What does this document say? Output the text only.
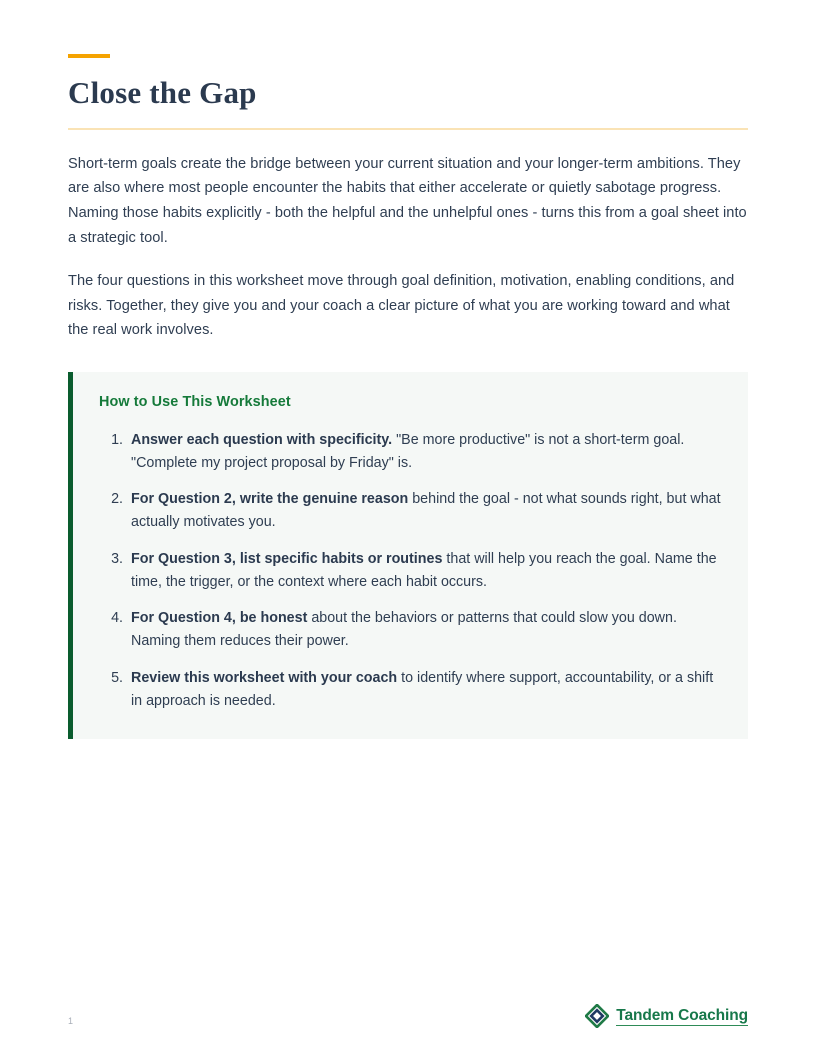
Close the Gap

Short-term goals create the bridge between your current situation and your longer-term ambitions. They are also where most people encounter the habits that either accelerate or quietly sabotage progress. Naming those habits explicitly - both the helpful and the unhelpful ones - turns this from a goal sheet into a strategic tool.

The four questions in this worksheet move through goal definition, motivation, enabling conditions, and risks. Together, they give you and your coach a clear picture of what you are working toward and what the real work involves.

How to Use This Worksheet
1. Answer each question with specificity. "Be more productive" is not a short-term goal. "Complete my project proposal by Friday" is.
2. For Question 2, write the genuine reason behind the goal - not what sounds right, but what actually motivates you.
3. For Question 3, list specific habits or routines that will help you reach the goal. Name the time, the trigger, or the context where each habit occurs.
4. For Question 4, be honest about the behaviors or patterns that could slow you down. Naming them reduces their power.
5. Review this worksheet with your coach to identify where support, accountability, or a shift in approach is needed.
1	Tandem Coaching
